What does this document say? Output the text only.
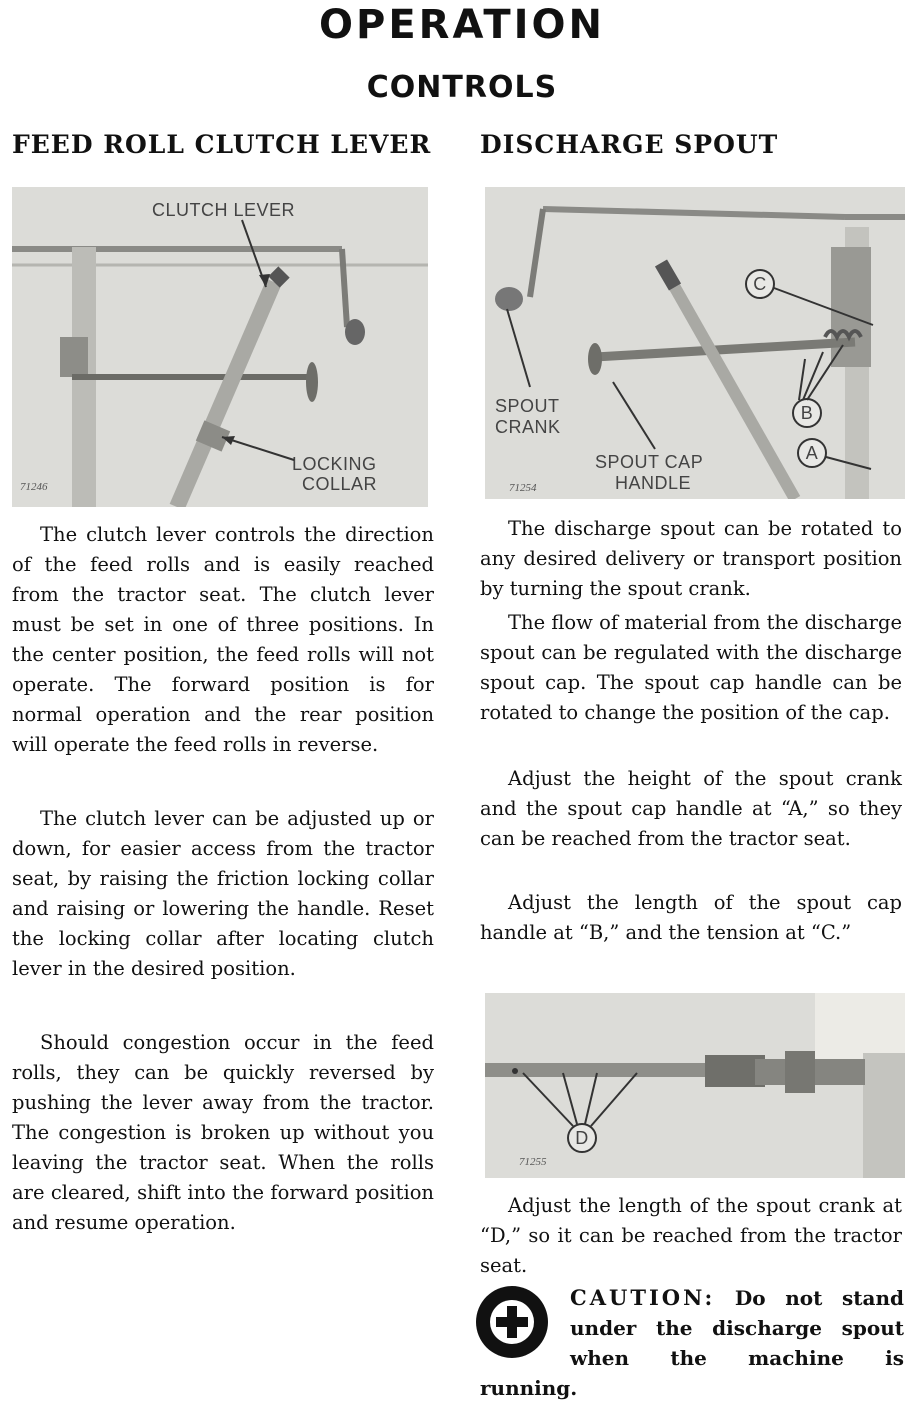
OPERATION
CONTROLS
FEED ROLL CLUTCH LEVER DISCHARGE SPOUT
CLUTCH LEVER
LOCKING
COLLAR
71246
SPOUT
CRANK
SPOUT CAP
HANDLE
C
B
A
71254
D
71255

The clutch lever controls the direction of the feed rolls and is easily reached from the tractor seat. The clutch lever must be set in one of three positions. In the center position, the feed rolls will not operate. The forward position is for normal operation and the rear position will operate the feed rolls in reverse.

The clutch lever can be adjusted up or down, for easier access from the tractor seat, by raising the friction locking collar and raising or lowering the handle. Reset the locking collar after locating clutch lever in the desired position.

Should congestion occur in the feed rolls, they can be quickly reversed by pushing the lever away from the tractor. The congestion is broken up without you leaving the tractor seat. When the rolls are cleared, shift into the forward position and resume operation.

The discharge spout can be rotated to any desired delivery or transport position by turning the spout crank.

The flow of material from the discharge spout can be regulated with the discharge spout cap. The spout cap handle can be rotated to change the position of the cap.

Adjust the height of the spout crank and the spout cap handle at “A,” so they can be reached from the tractor seat.

Adjust the length of the spout cap handle at “B,” and the tension at “C.”

Adjust the length of the spout crank at “D,” so it can be reached from the tractor seat.

CAUTION: Do not stand under the discharge spout when the machine is running.
